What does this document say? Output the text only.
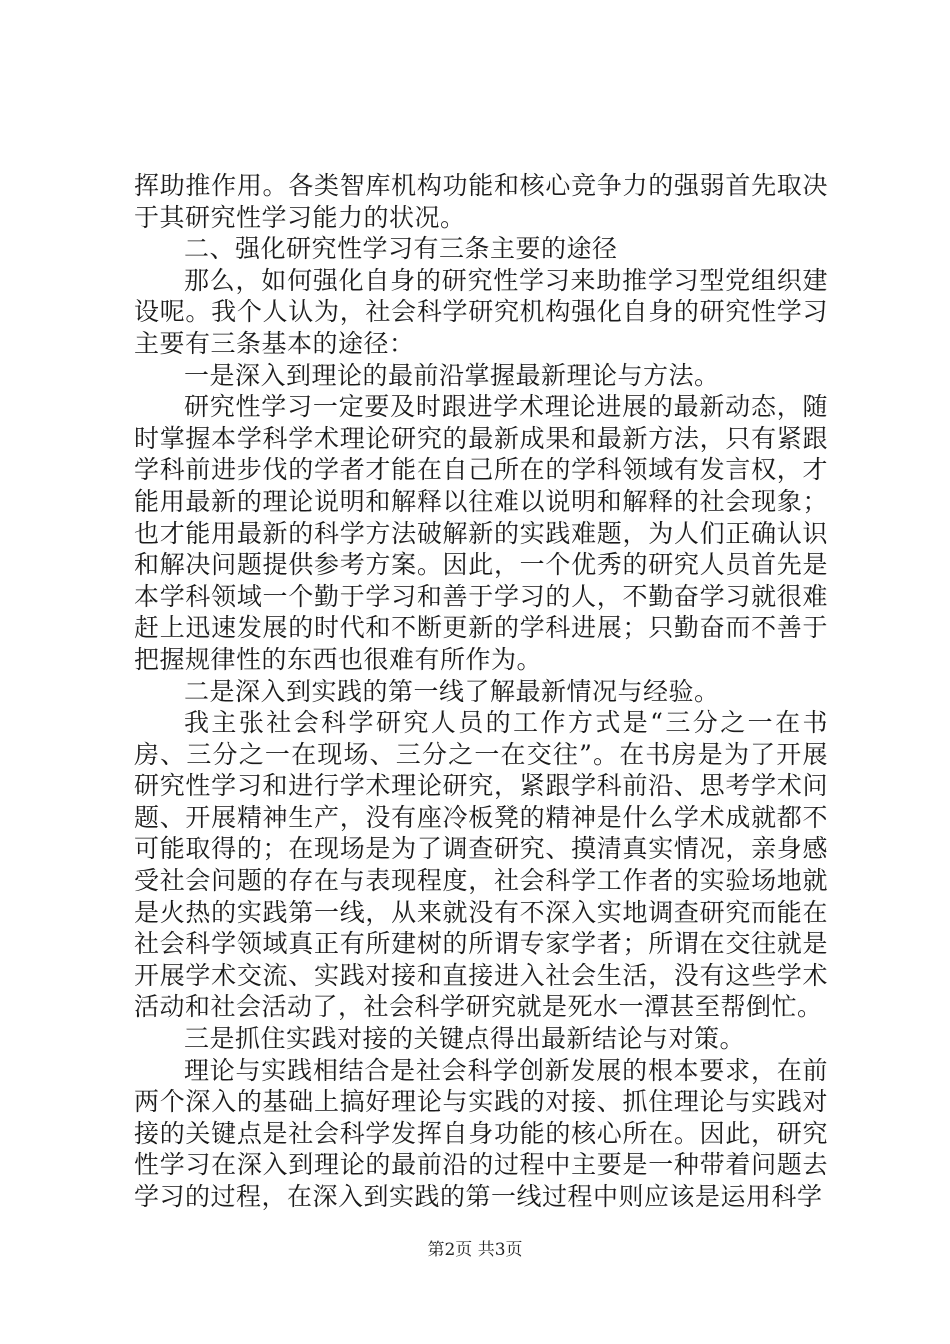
挥助推作用。各类智库机构功能和核心竞争力的强弱首先取决于其研究性学习能力的状况。

二、强化研究性学习有三条主要的途径

那么，如何强化自身的研究性学习来助推学习型党组织建设呢。我个人认为，社会科学研究机构强化自身的研究性学习主要有三条基本的途径：

一是深入到理论的最前沿掌握最新理论与方法。

研究性学习一定要及时跟进学术理论进展的最新动态，随时掌握本学科学术理论研究的最新成果和最新方法，只有紧跟学科前进步伐的学者才能在自己所在的学科领域有发言权，才能用最新的理论说明和解释以往难以说明和解释的社会现象；也才能用最新的科学方法破解新的实践难题，为人们正确认识和解决问题提供参考方案。因此，一个优秀的研究人员首先是本学科领域一个勤于学习和善于学习的人，不勤奋学习就很难赶上迅速发展的时代和不断更新的学科进展；只勤奋而不善于把握规律性的东西也很难有所作为。

二是深入到实践的第一线了解最新情况与经验。

我主张社会科学研究人员的工作方式是“三分之一在书房、三分之一在现场、三分之一在交往”。在书房是为了开展研究性学习和进行学术理论研究，紧跟学科前沿、思考学术问题、开展精神生产，没有座冷板凳的精神是什么学术成就都不可能取得的；在现场是为了调查研究、摸清真实情况，亲身感受社会问题的存在与表现程度，社会科学工作者的实验场地就是火热的实践第一线，从来就没有不深入实地调查研究而能在社会科学领域真正有所建树的所谓专家学者；所谓在交往就是开展学术交流、实践对接和直接进入社会生活，没有这些学术活动和社会活动了，社会科学研究就是死水一潭甚至帮倒忙。

三是抓住实践对接的关键点得出最新结论与对策。

理论与实践相结合是社会科学创新发展的根本要求，在前两个深入的基础上搞好理论与实践的对接、抓住理论与实践对接的关键点是社会科学发挥自身功能的核心所在。因此，研究性学习在深入到理论的最前沿的过程中主要是一种带着问题去学习的过程，在深入到实践的第一线过程中则应该是运用科学

第2页 共3页
